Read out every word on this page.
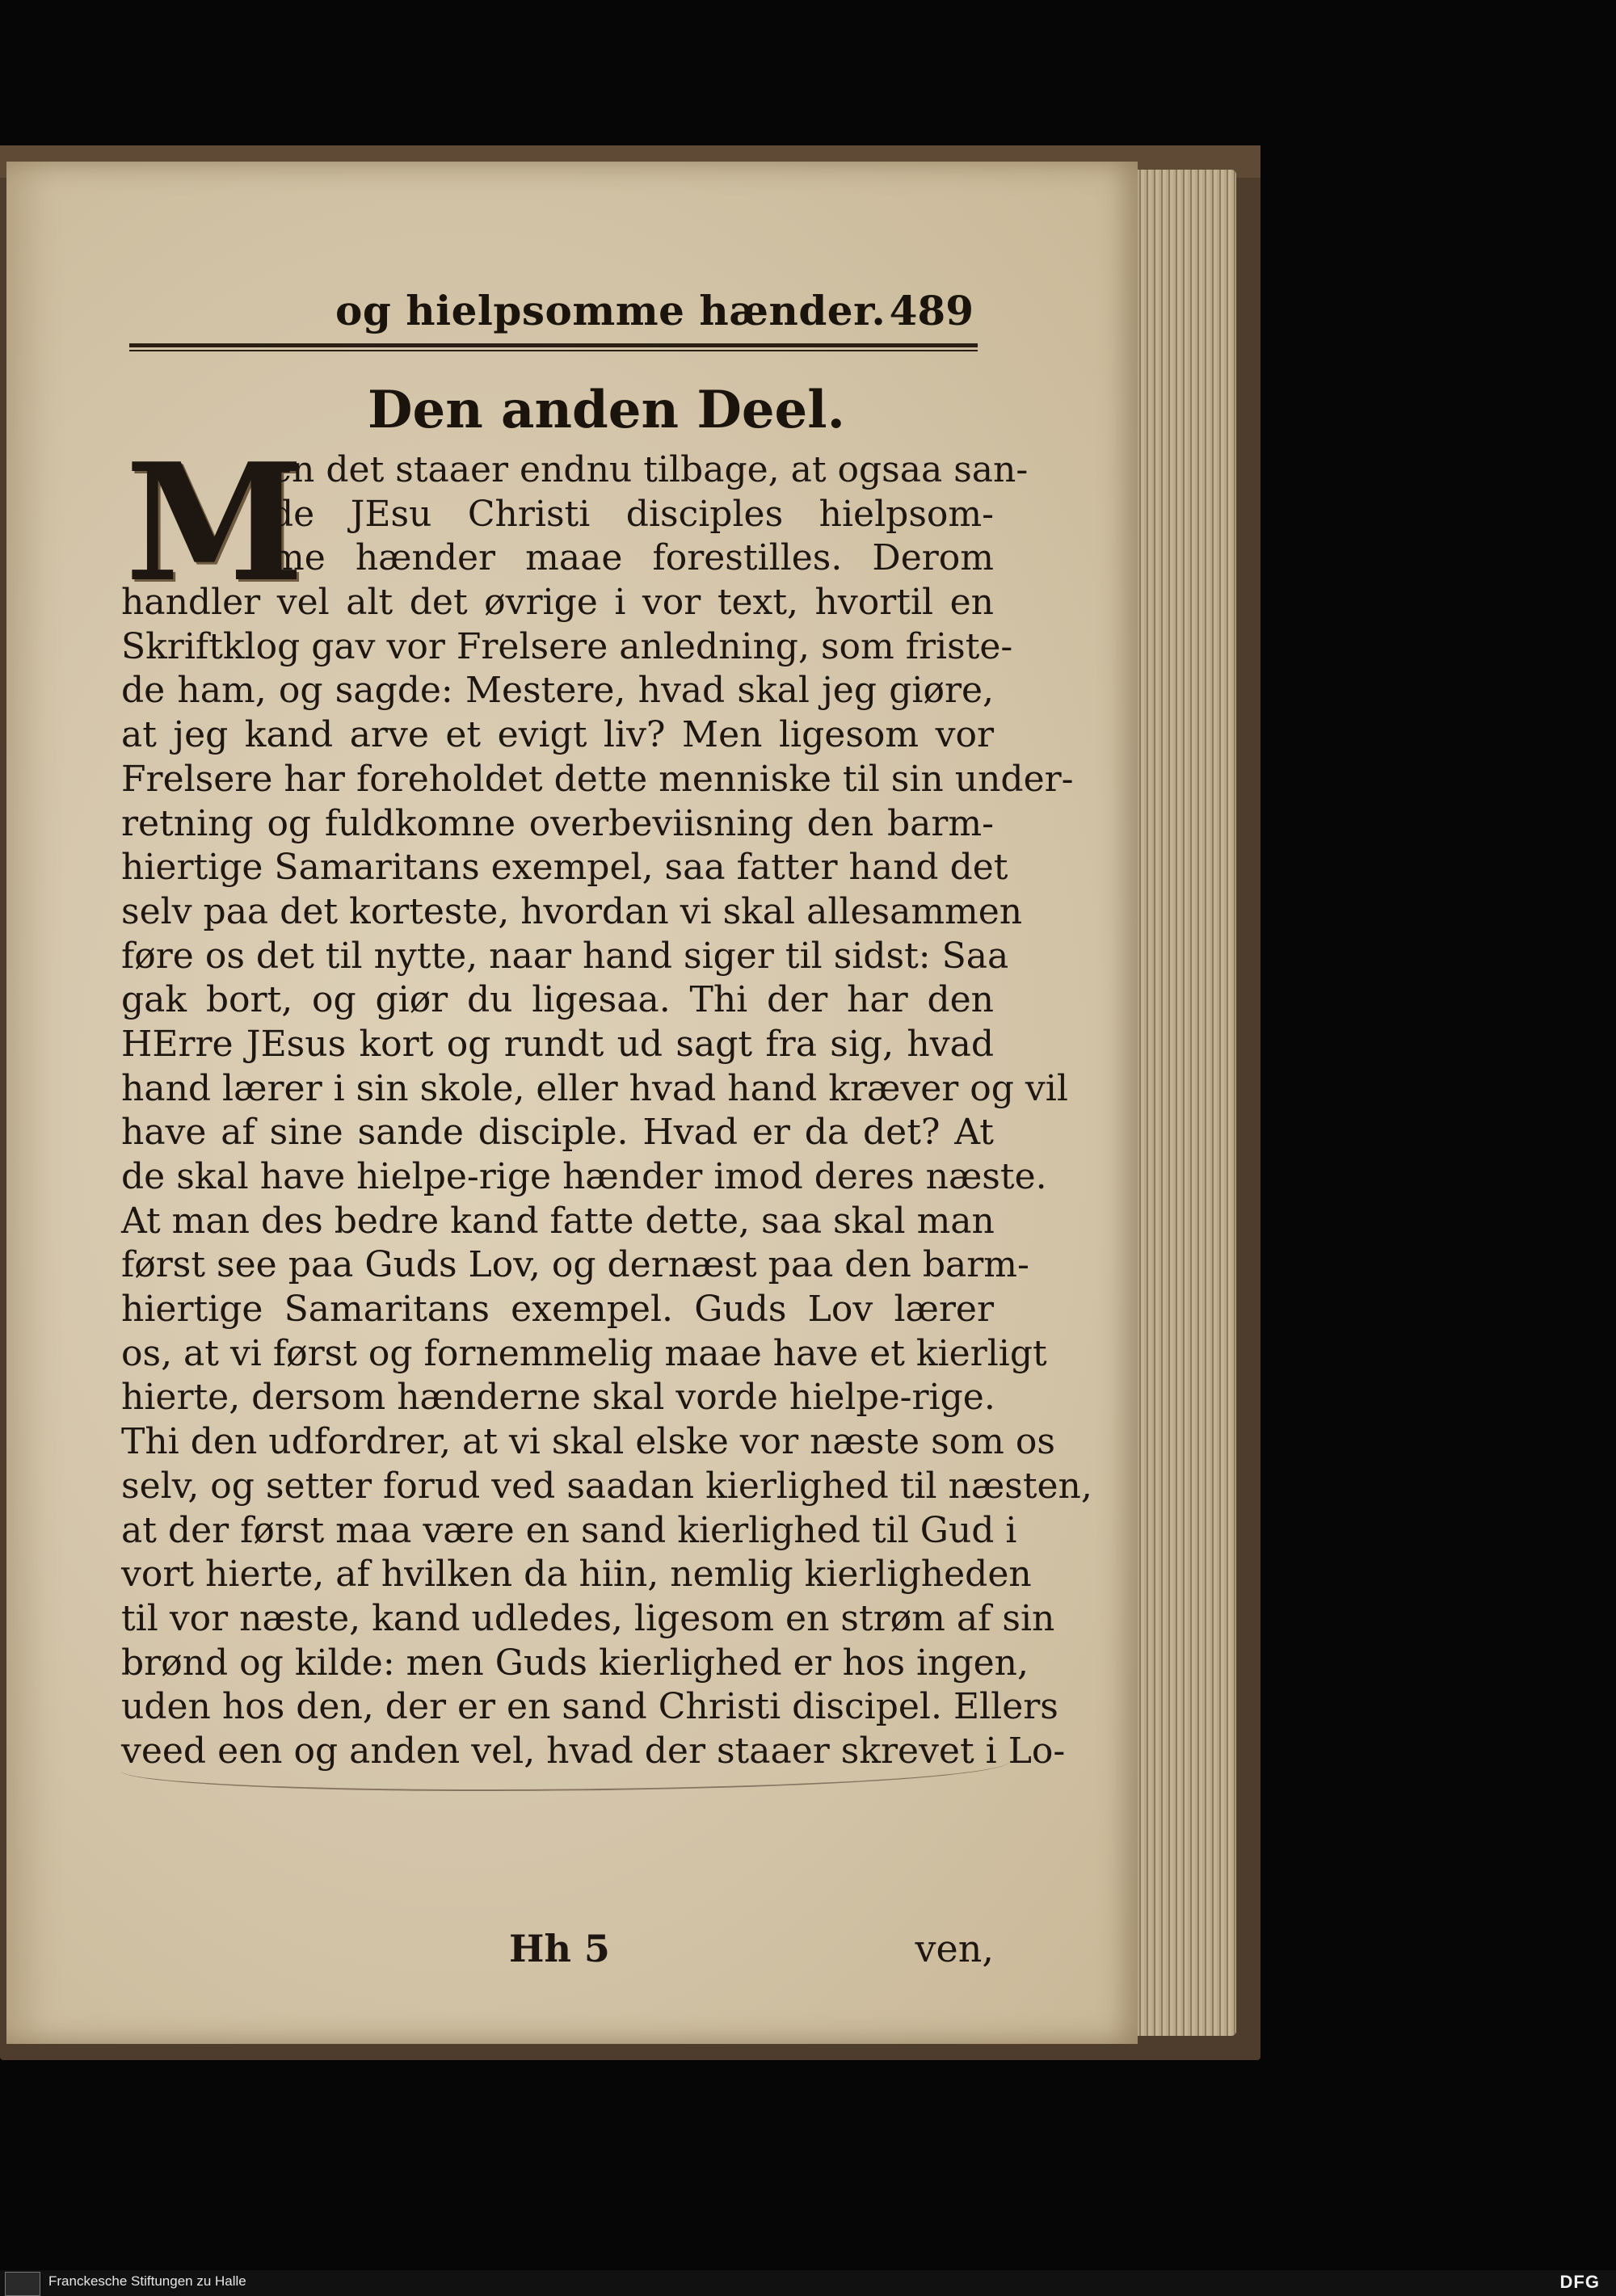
og hielpsomme hænder. 489
Den anden Deel.
M
en det staaer endnu tilbage, at ogsaa san-
de JEsu Christi disciples hielpsom-
me hænder maae forestilles. Derom
handler vel alt det øvrige i vor text, hvortil en
Skriftklog gav vor Frelsere anledning, som friste-
de ham, og sagde: Mestere, hvad skal jeg giøre,
at jeg kand arve et evigt liv? Men ligesom vor
Frelsere har foreholdet dette menniske til sin under-
retning og fuldkomne overbeviisning den barm-
hiertige Samaritans exempel, saa fatter hand det
selv paa det korteste, hvordan vi skal allesammen
føre os det til nytte, naar hand siger til sidst: Saa
gak bort, og giør du ligesaa. Thi der har den
HErre JEsus kort og rundt ud sagt fra sig, hvad
hand lærer i sin skole, eller hvad hand kræver og vil
have af sine sande disciple. Hvad er da det? At
de skal have hielpe-rige hænder imod deres næste.
At man des bedre kand fatte dette, saa skal man
først see paa Guds Lov, og dernæst paa den barm-
hiertige Samaritans exempel. Guds Lov lærer
os, at vi først og fornemmelig maae have et kierligt
hierte, dersom hænderne skal vorde hielpe-rige.
Thi den udfordrer, at vi skal elske vor næste som os
selv, og setter forud ved saadan kierlighed til næsten,
at der først maa være en sand kierlighed til Gud i
vort hierte, af hvilken da hiin, nemlig kierligheden
til vor næste, kand udledes, ligesom en strøm af sin
brønd og kilde: men Guds kierlighed er hos ingen,
uden hos den, der er en sand Christi discipel. Ellers
veed een og anden vel, hvad der staaer skrevet i Lo-
Hh 5	ven,
Franckesche Stiftungen zu Halle	DFG
